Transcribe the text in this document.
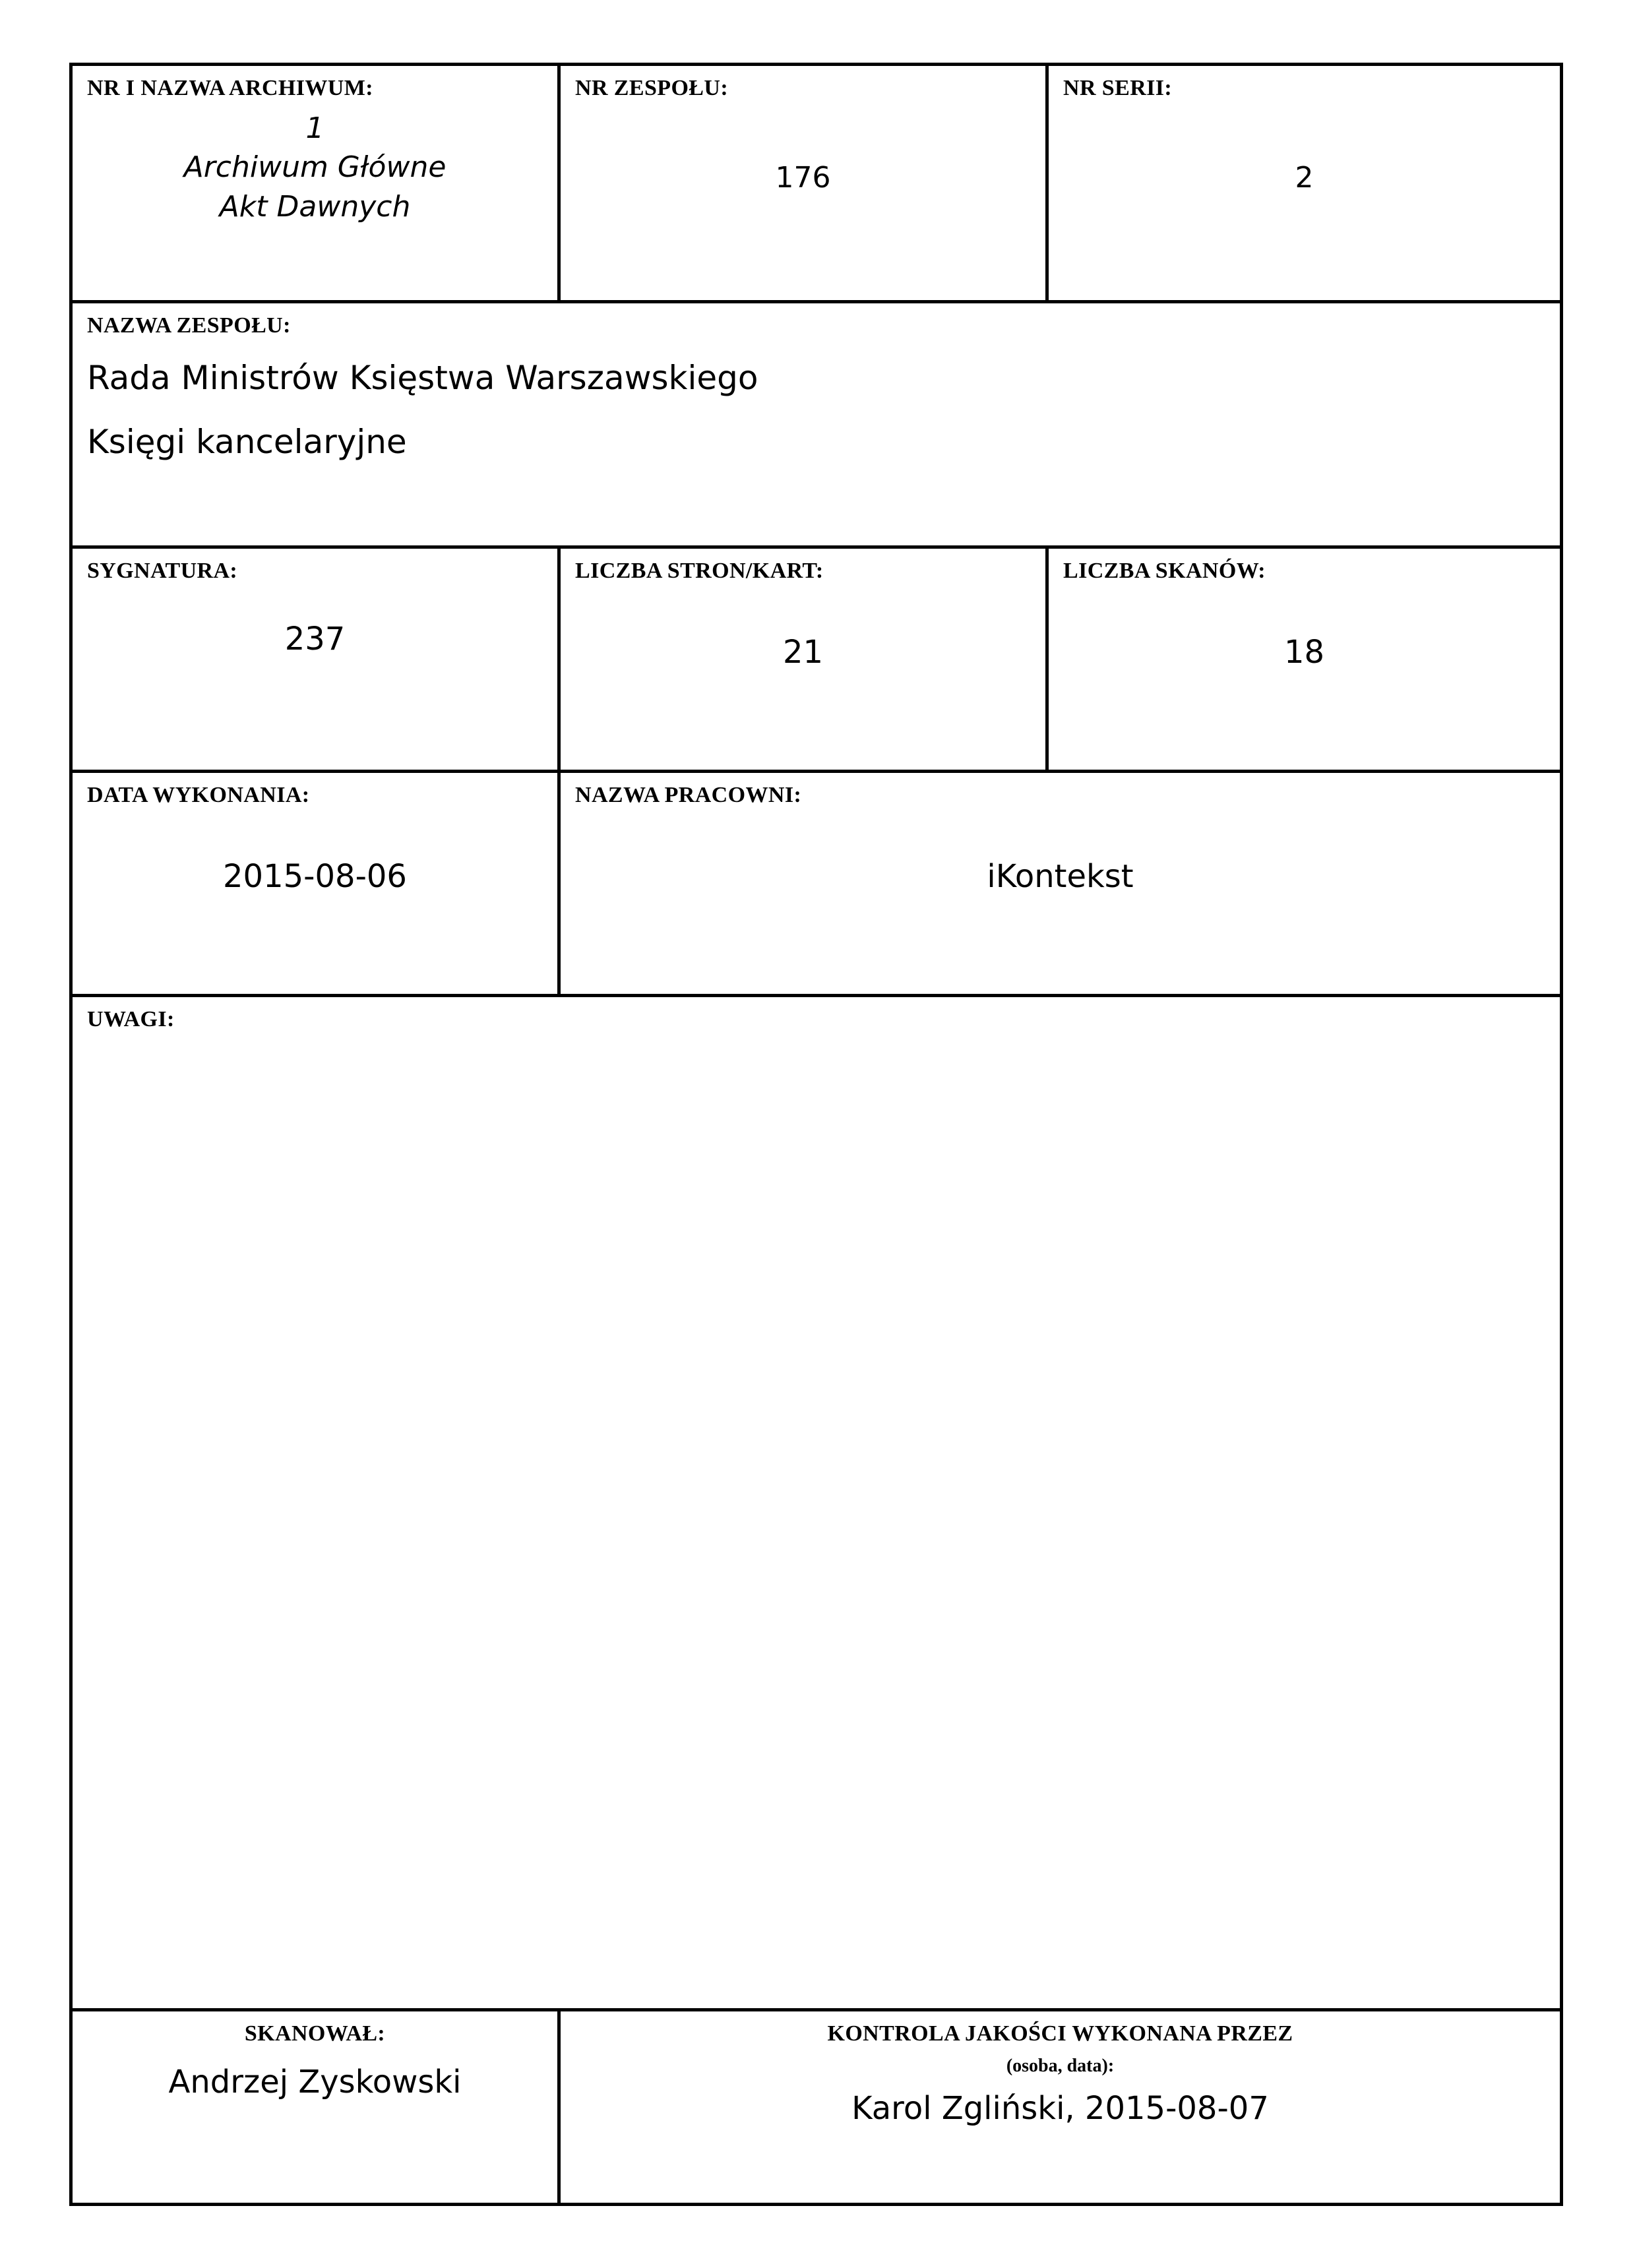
NR I NAZWA ARCHIWUM:
1
Archiwum Główne
Akt Dawnych
NR ZESPOŁU:
176
NR SERII:
2
NAZWA ZESPOŁU:
Rada Ministrów Księstwa Warszawskiego
Księgi kancelaryjne
SYGNATURA:
237
LICZBA STRON/KART:
21
LICZBA SKANÓW:
18
DATA WYKONANIA:
2015-08-06
NAZWA PRACOWNI:
iKontekst
UWAGI:
SKANOWAŁ:
Andrzej Zyskowski
KONTROLA JAKOŚCI WYKONANA PRZEZ
(osoba, data):
Karol Zgliński, 2015-08-07
